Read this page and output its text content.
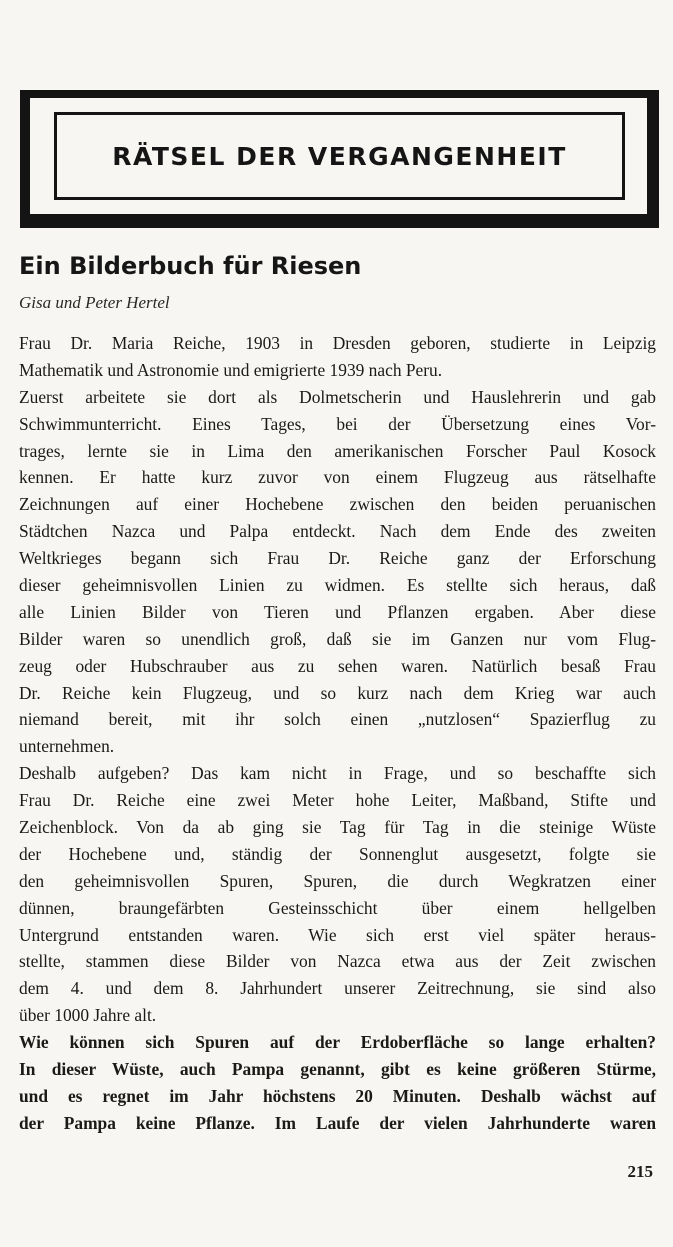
RÄTSEL DER VERGANGENHEIT
Ein Bilderbuch für Riesen
Gisa und Peter Hertel
Frau Dr. Maria Reiche, 1903 in Dresden geboren, studierte in Leipzig
Mathematik und Astronomie und emigrierte 1939 nach Peru.
Zuerst arbeitete sie dort als Dolmetscherin und Hauslehrerin und gab
Schwimmunterricht. Eines Tages, bei der Übersetzung eines Vor-
trages, lernte sie in Lima den amerikanischen Forscher Paul Kosock
kennen. Er hatte kurz zuvor von einem Flugzeug aus rätselhafte
Zeichnungen auf einer Hochebene zwischen den beiden peruanischen
Städtchen Nazca und Palpa entdeckt. Nach dem Ende des zweiten
Weltkrieges begann sich Frau Dr. Reiche ganz der Erforschung
dieser geheimnisvollen Linien zu widmen. Es stellte sich heraus, daß
alle Linien Bilder von Tieren und Pflanzen ergaben. Aber diese
Bilder waren so unendlich groß, daß sie im Ganzen nur vom Flug-
zeug oder Hubschrauber aus zu sehen waren. Natürlich besaß Frau
Dr. Reiche kein Flugzeug, und so kurz nach dem Krieg war auch
niemand bereit, mit ihr solch einen „nutzlosen“ Spazierflug zu
unternehmen.
Deshalb aufgeben? Das kam nicht in Frage, und so beschaffte sich
Frau Dr. Reiche eine zwei Meter hohe Leiter, Maßband, Stifte und
Zeichenblock. Von da ab ging sie Tag für Tag in die steinige Wüste
der Hochebene und, ständig der Sonnenglut ausgesetzt, folgte sie
den geheimnisvollen Spuren, Spuren, die durch Wegkratzen einer
dünnen, braungefärbten Gesteinsschicht über einem hellgelben
Untergrund entstanden waren. Wie sich erst viel später heraus-
stellte, stammen diese Bilder von Nazca etwa aus der Zeit zwischen
dem 4. und dem 8. Jahrhundert unserer Zeitrechnung, sie sind also
über 1000 Jahre alt.
Wie können sich Spuren auf der Erdoberfläche so lange erhalten?
In dieser Wüste, auch Pampa genannt, gibt es keine größeren Stürme,
und es regnet im Jahr höchstens 20 Minuten. Deshalb wächst auf
der Pampa keine Pflanze. Im Laufe der vielen Jahrhunderte waren
215
